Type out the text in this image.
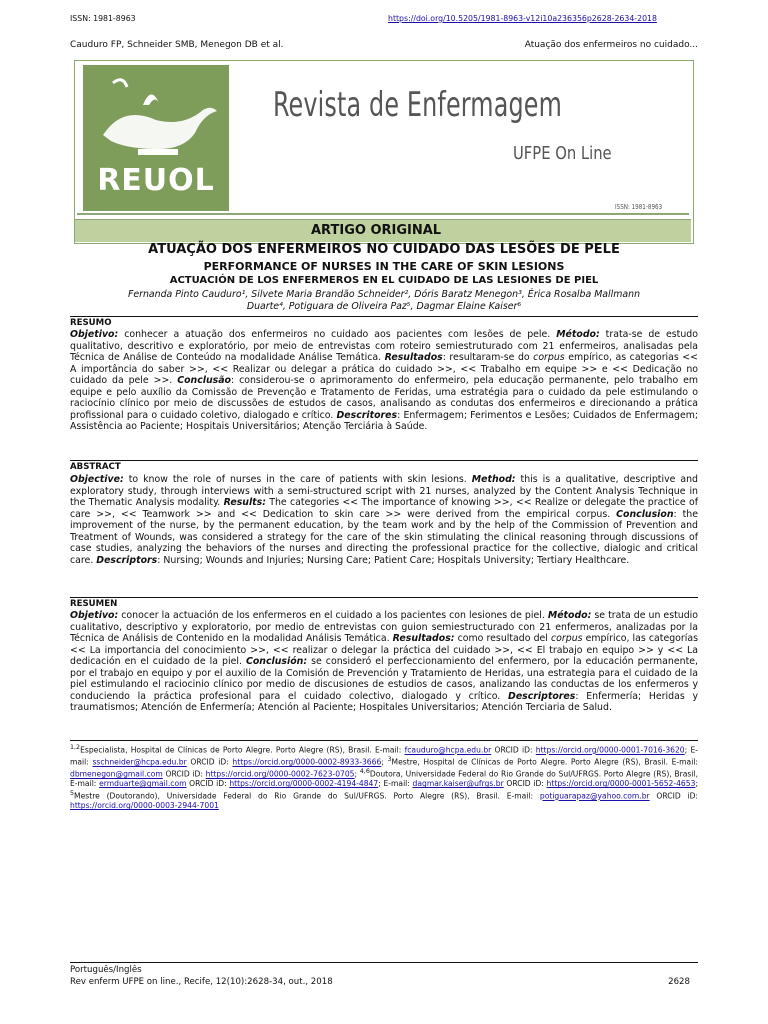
ISSN: 1981-8963	https://doi.org/10.5205/1981-8963-v12i10a236356p2628-2634-2018
Cauduro FP, Schneider SMB, Menegon DB et al.	Atuação dos enfermeiros no cuidado...
REUOL
Revista de Enfermagem
UFPE On Line
ISSN: 1981-8963
ARTIGO ORIGINAL
ATUAÇÃO DOS ENFERMEIROS NO CUIDADO DAS LESÕES DE PELE
PERFORMANCE OF NURSES IN THE CARE OF SKIN LESIONS
ACTUACIÓN DE LOS ENFERMEROS EN EL CUIDADO DE LAS LESIONES DE PIEL
Fernanda Pinto Cauduro¹, Silvete Maria Brandão Schneider², Dóris Baratz Menegon³, Érica Rosalba Mallmann
Duarte⁴, Potiguara de Oliveira Paz⁵, Dagmar Elaine Kaiser⁶
RESUMO
Objetivo: conhecer a atuação dos enfermeiros no cuidado aos pacientes com lesões de pele. Método: trata-se de estudo qualitativo, descritivo e exploratório, por meio de entrevistas com roteiro semiestruturado com 21 enfermeiros, analisadas pela Técnica de Análise de Conteúdo na modalidade Análise Temática. Resultados: resultaram-se do corpus empírico, as categorias << A importância do saber >>, << Realizar ou delegar a prática do cuidado >>, << Trabalho em equipe >> e << Dedicação no cuidado da pele >>. Conclusão: considerou-se o aprimoramento do enfermeiro, pela educação permanente, pelo trabalho em equipe e pelo auxílio da Comissão de Prevenção e Tratamento de Feridas, uma estratégia para o cuidado da pele estimulando o raciocínio clínico por meio de discussões de estudos de casos, analisando as condutas dos enfermeiros e direcionando a prática profissional para o cuidado coletivo, dialogado e crítico. Descritores: Enfermagem; Ferimentos e Lesões; Cuidados de Enfermagem; Assistência ao Paciente; Hospitais Universitários; Atenção Terciária à Saúde.
ABSTRACT
Objective: to know the role of nurses in the care of patients with skin lesions. Method: this is a qualitative, descriptive and exploratory study, through interviews with a semi-structured script with 21 nurses, analyzed by the Content Analysis Technique in the Thematic Analysis modality. Results: The categories << The importance of knowing >>, << Realize or delegate the practice of care >>, << Teamwork >> and << Dedication to skin care >> were derived from the empirical corpus. Conclusion: the improvement of the nurse, by the permanent education, by the team work and by the help of the Commission of Prevention and Treatment of Wounds, was considered a strategy for the care of the skin stimulating the clinical reasoning through discussions of case studies, analyzing the behaviors of the nurses and directing the professional practice for the collective, dialogic and critical care. Descriptors: Nursing; Wounds and Injuries; Nursing Care; Patient Care; Hospitals University; Tertiary Healthcare.
RESUMEN
Objetivo: conocer la actuación de los enfermeros en el cuidado a los pacientes con lesiones de piel. Método: se trata de un estudio cualitativo, descriptivo y exploratorio, por medio de entrevistas con guion semiestructurado con 21 enfermeros, analizadas por la Técnica de Análisis de Contenido en la modalidad Análisis Temática. Resultados: como resultado del corpus empírico, las categorías << La importancia del conocimiento >>, << realizar o delegar la práctica del cuidado >>, << El trabajo en equipo >> y << La dedicación en el cuidado de la piel. Conclusión: se consideró el perfeccionamiento del enfermero, por la educación permanente, por el trabajo en equipo y por el auxilio de la Comisión de Prevención y Tratamiento de Heridas, una estrategia para el cuidado de la piel estimulando el raciocinio clínico por medio de discusiones de estudios de casos, analizando las conductas de los enfermeros y conduciendo la práctica profesional para el cuidado colectivo, dialogado y crítico. Descriptores: Enfermería; Heridas y traumatismos; Atención de Enfermería; Atención al Paciente; Hospitales Universitarios; Atención Terciaria de Salud.
$^{1,2}$Especialista, Hospital de Clínicas de Porto Alegre. Porto Alegre (RS), Brasil. E-mail: fcauduro@hcpa.edu.br ORCID iD: https://orcid.org/0000-0001-7016-3620; E-mail: sschneider@hcpa.edu.br ORCID iD: https://orcid.org/0000-0002-8933-3666; $^3$Mestre, Hospital de Clínicas de Porto Alegre. Porto Alegre (RS), Brasil. E-mail: dbmenegon@gmail.com ORCID iD: https://orcid.org/0000-0002-7623-0705; $^{4,6}$Doutora, Universidade Federal do Rio Grande do Sul/UFRGS. Porto Alegre (RS), Brasil, E-mail: ermduarte@gmail.com ORCID iD: https://orcid.org/0000-0002-4194-4847; E-mail: dagmar.kaiser@ufrgs.br ORCID iD: https://orcid.org/0000-0001-5652-4653; $^5$Mestre (Doutorando), Universidade Federal do Rio Grande do Sul/UFRGS. Porto Alegre (RS), Brasil. E-mail: potiguarapaz@yahoo.com.br ORCID iD: https://orcid.org/0000-0003-2944-7001
Português/Inglês
Rev enferm UFPE on line., Recife, 12(10):2628-34, out., 2018	2628
